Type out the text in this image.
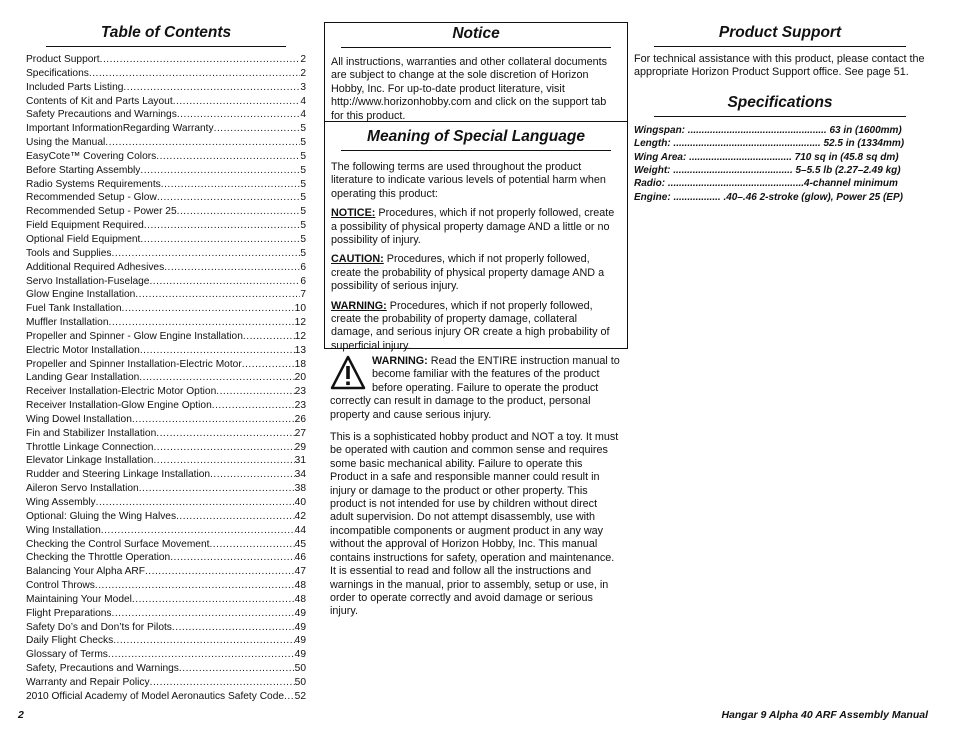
Table of Contents
Product Support .....	2
Specifications .....	2
Included Parts Listing .....	3
Contents of Kit and Parts Layout .....	4
Safety Precautions and Warnings .....	4
Important InformationRegarding Warranty .....	5
Using the Manual .....	5
EasyCote™ Covering Colors .....	5
Before Starting Assembly .....	5
Radio Systems Requirements .....	5
Recommended Setup - Glow .....	5
Recommended Setup - Power 25 .....	5
Field Equipment Required .....	5
Optional Field Equipment .....	5
Tools and Supplies .....	5
Additional Required Adhesives .....	6
Servo Installation-Fuselage .....	6
Glow Engine Installation .....	7
Fuel Tank Installation .....	10
Muffler Installation .....	12
Propeller and Spinner - Glow Engine Installation .....	12
Electric Motor Installation .....	13
Propeller and Spinner Installation-Electric Motor .....	18
Landing Gear Installation .....	20
Receiver Installation-Electric Motor Option .....	23
Receiver Installation-Glow Engine Option .....	23
Wing Dowel Installation .....	26
Fin and Stabilizer Installation .....	27
Throttle Linkage Connection .....	29
Elevator Linkage Installation .....	31
Rudder and Steering Linkage Installation .....	34
Aileron Servo Installation .....	38
Wing Assembly .....	40
Optional: Gluing the Wing Halves .....	42
Wing Installation .....	44
Checking the Control Surface Movement .....	45
Checking the Throttle Operation .....	46
Balancing Your Alpha ARF .....	47
Control Throws .....	48
Maintaining Your Model .....	48
Flight Preparations .....	49
Safety Do’s and Don’ts for Pilots .....	49
Daily Flight Checks .....	49
Glossary of Terms .....	49
Safety, Precautions and Warnings .....	50
Warranty and Repair Policy .....	50
2010 Official Academy of Model Aeronautics Safety Code ..... 52
Notice

All instructions, warranties and other collateral documents are subject to change at the sole discretion of Horizon Hobby, Inc. For up-to-date product literature, visit http://www.horizonhobby.com and click on the support tab for this product.

Meaning of Special Language

The following terms are used throughout the product literature to indicate various levels of potential harm when operating this product:

NOTICE: Procedures, which if not properly followed, create a possibility of physical property damage AND a little or no possibility of injury.

CAUTION: Procedures, which if not properly followed, create the probability of physical property damage AND a possibility of serious injury.

WARNING: Procedures, which if not properly followed, create the probability of property damage, collateral damage, and serious injury OR create a high probability of superficial injury.

WARNING: Read the ENTIRE instruction manual to become familiar with the features of the product before operating. Failure to operate the product correctly can result in damage to the product, personal property and cause serious injury.

This is a sophisticated hobby product and NOT a toy. It must be operated with caution and common sense and requires some basic mechanical ability. Failure to operate this Product in a safe and responsible manner could result in injury or damage to the product or other property. This product is not intended for use by children without direct adult supervision. Do not attempt disassembly, use with incompatible components or augment product in any way without the approval of Horizon Hobby, Inc. This manual contains instructions for safety, operation and maintenance. It is essential to read and follow all the instructions and warnings in the manual, prior to assembly, setup or use, in order to operate correctly and avoid damage or serious injury.

Product Support

For technical assistance with this product, please contact the appropriate Horizon Product Support office. See page 51.

Specifications
Wingspan: .................................................. 63 in (1600mm)
Length: ..................................................... 52.5 in (1334mm)
Wing Area: ..................................... 710 sq in (45.8 sq dm)
Weight: ........................................... 5–5.5 lb (2.27–2.49 kg)
Radio: .................................................4-channel minimum
Engine: ................. .40–.46 2-stroke (glow), Power 25 (EP)
2	Hangar 9 Alpha 40 ARF Assembly Manual
